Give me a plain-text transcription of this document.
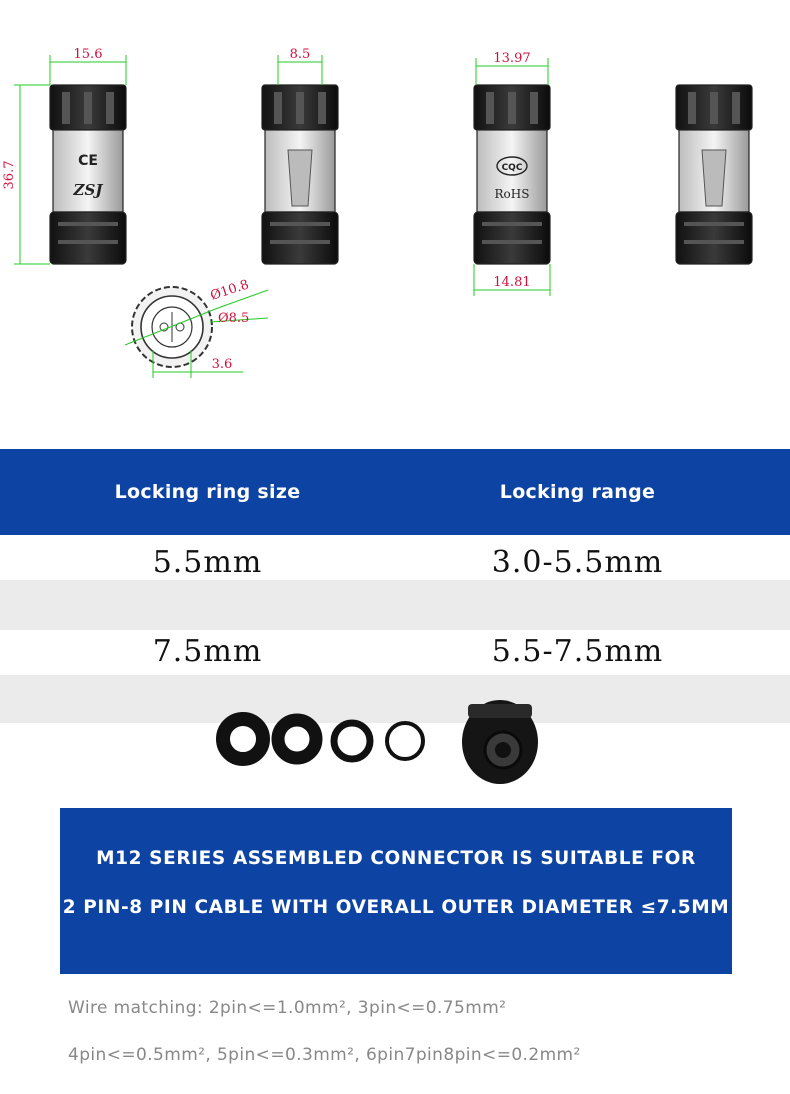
CE
ZSJ
15.6
36.7
8.5
CQC
RoHS
13.97
14.81
Ø10.8
Ø8.5
3.6
Locking ring size	Locking range
5.5mm	3.0-5.5mm
7.5mm	5.5-7.5mm
M12 SERIES ASSEMBLED CONNECTOR IS SUITABLE FOR
2 PIN-8 PIN CABLE WITH OVERALL OUTER DIAMETER ≤7.5MM
Wire matching: 2pin<=1.0mm², 3pin<=0.75mm²
4pin<=0.5mm², 5pin<=0.3mm², 6pin7pin8pin<=0.2mm²
